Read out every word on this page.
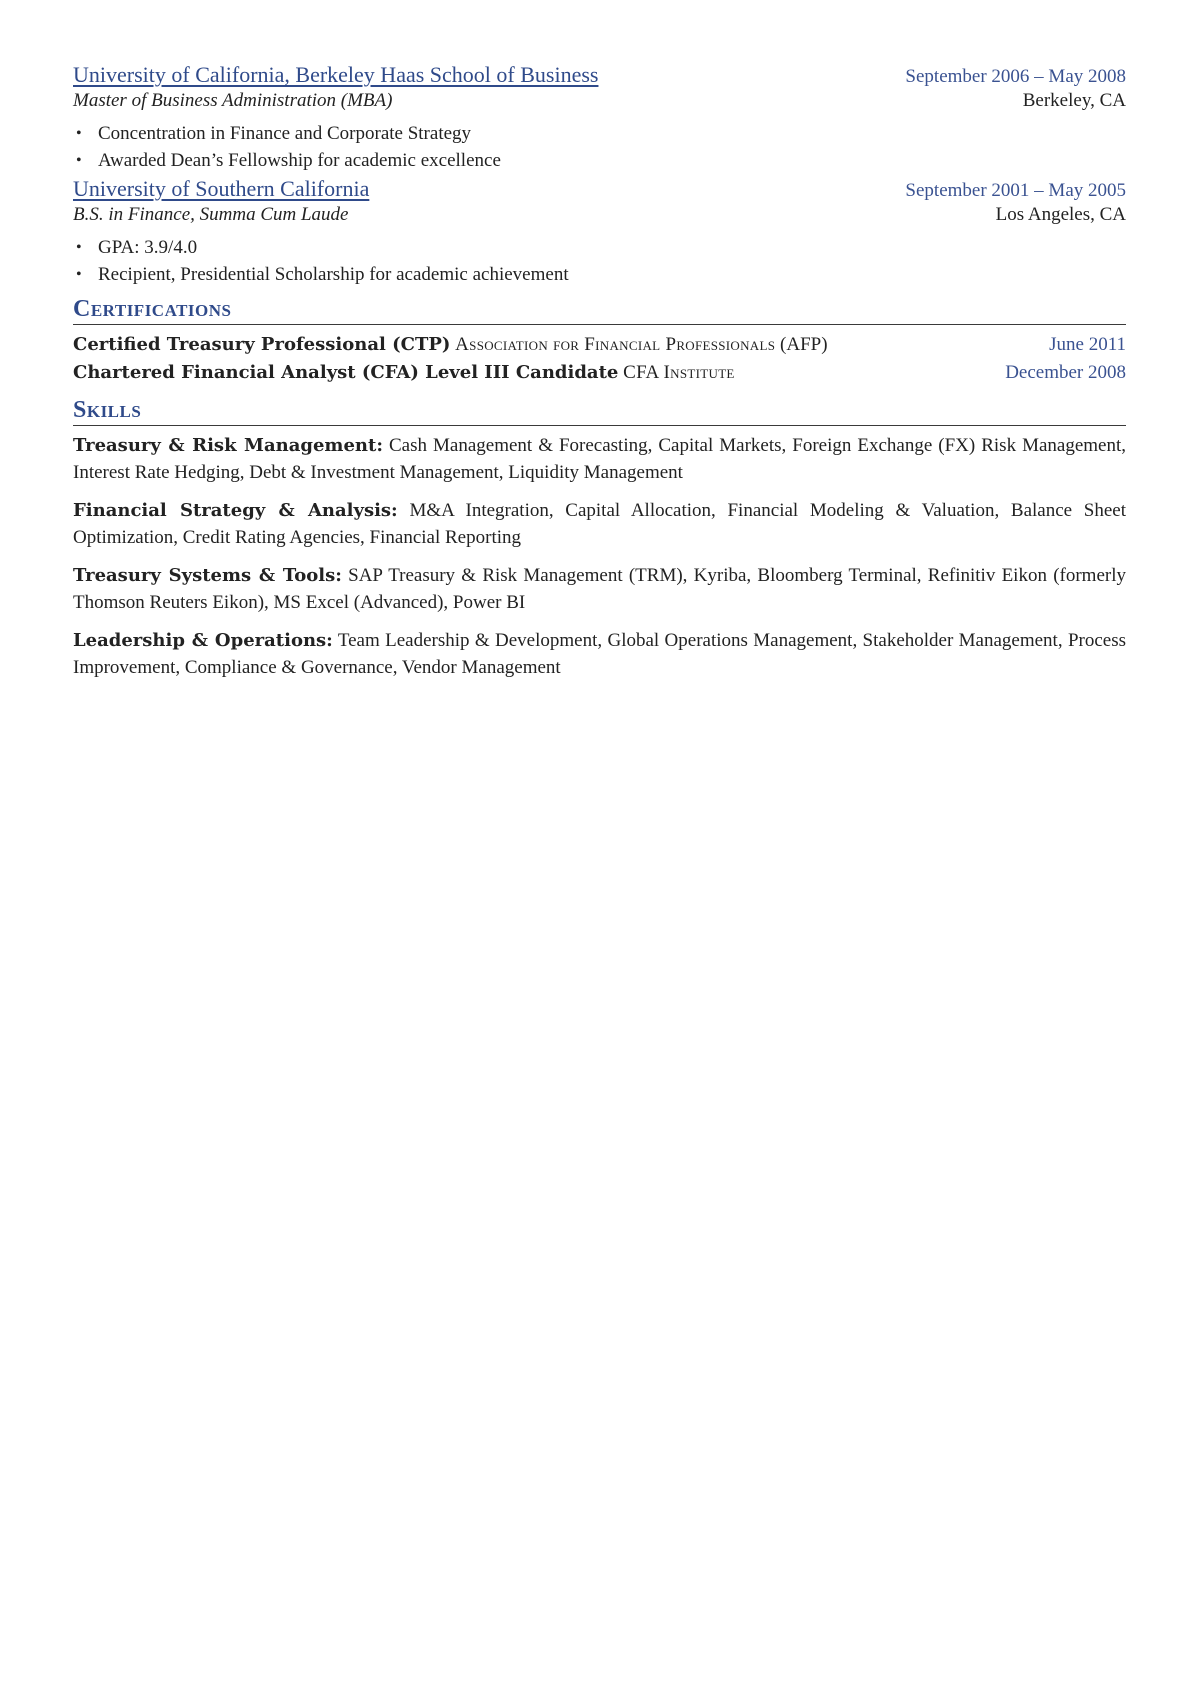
University of California, Berkeley Haas School of Business	September 2006 – May 2008
Master of Business Administration (MBA)	Berkeley, CA
• Concentration in Finance and Corporate Strategy
• Awarded Dean’s Fellowship for academic excellence
University of Southern California	September 2001 – May 2005
B.S. in Finance, Summa Cum Laude	Los Angeles, CA
• GPA: 3.9/4.0
• Recipient, Presidential Scholarship for academic achievement
Certifications
Certified Treasury Professional (CTP) Association for Financial Professionals (AFP)	June 2011
Chartered Financial Analyst (CFA) Level III Candidate CFA Institute	December 2008
Skills

Treasury & Risk Management: Cash Management & Forecasting, Capital Markets, Foreign Exchange (FX) Risk Management, Interest Rate Hedging, Debt & Investment Management, Liquidity Management

Financial Strategy & Analysis: M&A Integration, Capital Allocation, Financial Modeling & Valuation, Balance Sheet Optimization, Credit Rating Agencies, Financial Reporting

Treasury Systems & Tools: SAP Treasury & Risk Management (TRM), Kyriba, Bloomberg Terminal, Refinitiv Eikon (formerly Thomson Reuters Eikon), MS Excel (Advanced), Power BI

Leadership & Operations: Team Leadership & Development, Global Operations Management, Stakeholder Management, Process Improvement, Compliance & Governance, Vendor Management
